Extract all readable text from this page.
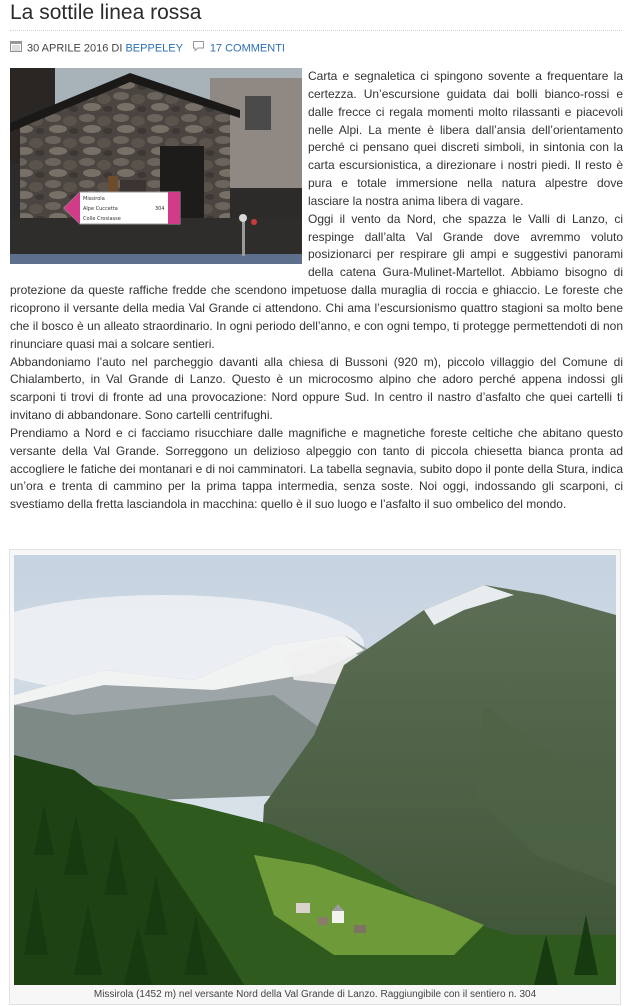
La sottile linea rossa
30 APRILE 2016 DI BEPPELEY 17 COMMENTI
Missirola
Alpe Cuccetta
Colle Crosiasse
304

Carta e segnaletica ci spingono sovente a frequentare la certezza. Un’escursione guidata dai bolli bianco-rossi e dalle frecce ci regala momenti molto rilassanti e piacevoli nelle Alpi. La mente è libera dall’ansia dell’orientamento perché ci pensano quei discreti simboli, in sintonia con la carta escursionistica, a direzionare i nostri piedi. Il resto è pura e totale immersione nella natura alpestre dove lasciare la nostra anima libera di vagare.

Oggi il vento da Nord, che spazza le Valli di Lanzo, ci respinge dall’alta Val Grande dove avremmo voluto posizionarci per respirare gli ampi e suggestivi panorami della catena Gura-Mulinet-Martellot. Abbiamo bisogno di protezione da queste raffiche fredde che scendono impetuose dalla muraglia di roccia e ghiaccio. Le foreste che ricoprono il versante della media Val Grande ci attendono. Chi ama l’escursionismo quattro stagioni sa molto bene che il bosco è un alleato straordinario. In ogni periodo dell’anno, e con ogni tempo, ti protegge permettendoti di non rinunciare quasi mai a solcare sentieri.

Abbandoniamo l’auto nel parcheggio davanti alla chiesa di Bussoni (920 m), piccolo villaggio del Comune di Chialamberto, in Val Grande di Lanzo. Questo è un microcosmo alpino che adoro perché appena indossi gli scarponi ti trovi di fronte ad una provocazione: Nord oppure Sud. In centro il nastro d’asfalto che quei cartelli ti invitano di abbandonare. Sono cartelli centrifughi.

Prendiamo a Nord e ci facciamo risucchiare dalle magnifiche e magnetiche foreste celtiche che abitano questo versante della Val Grande. Sorreggono un delizioso alpeggio con tanto di piccola chiesetta bianca pronta ad accogliere le fatiche dei montanari e di noi camminatori. La tabella segnavia, subito dopo il ponte della Stura, indica un’ora e trenta di cammino per la prima tappa intermedia, senza soste. Noi oggi, indossando gli scarponi, ci svestiamo della fretta lasciandola in macchina: quello è il suo luogo e l’asfalto il suo ombelico del mondo.

Missirola (1452 m) nel versante Nord della Val Grande di Lanzo. Raggiungibile con il sentiero n. 304
